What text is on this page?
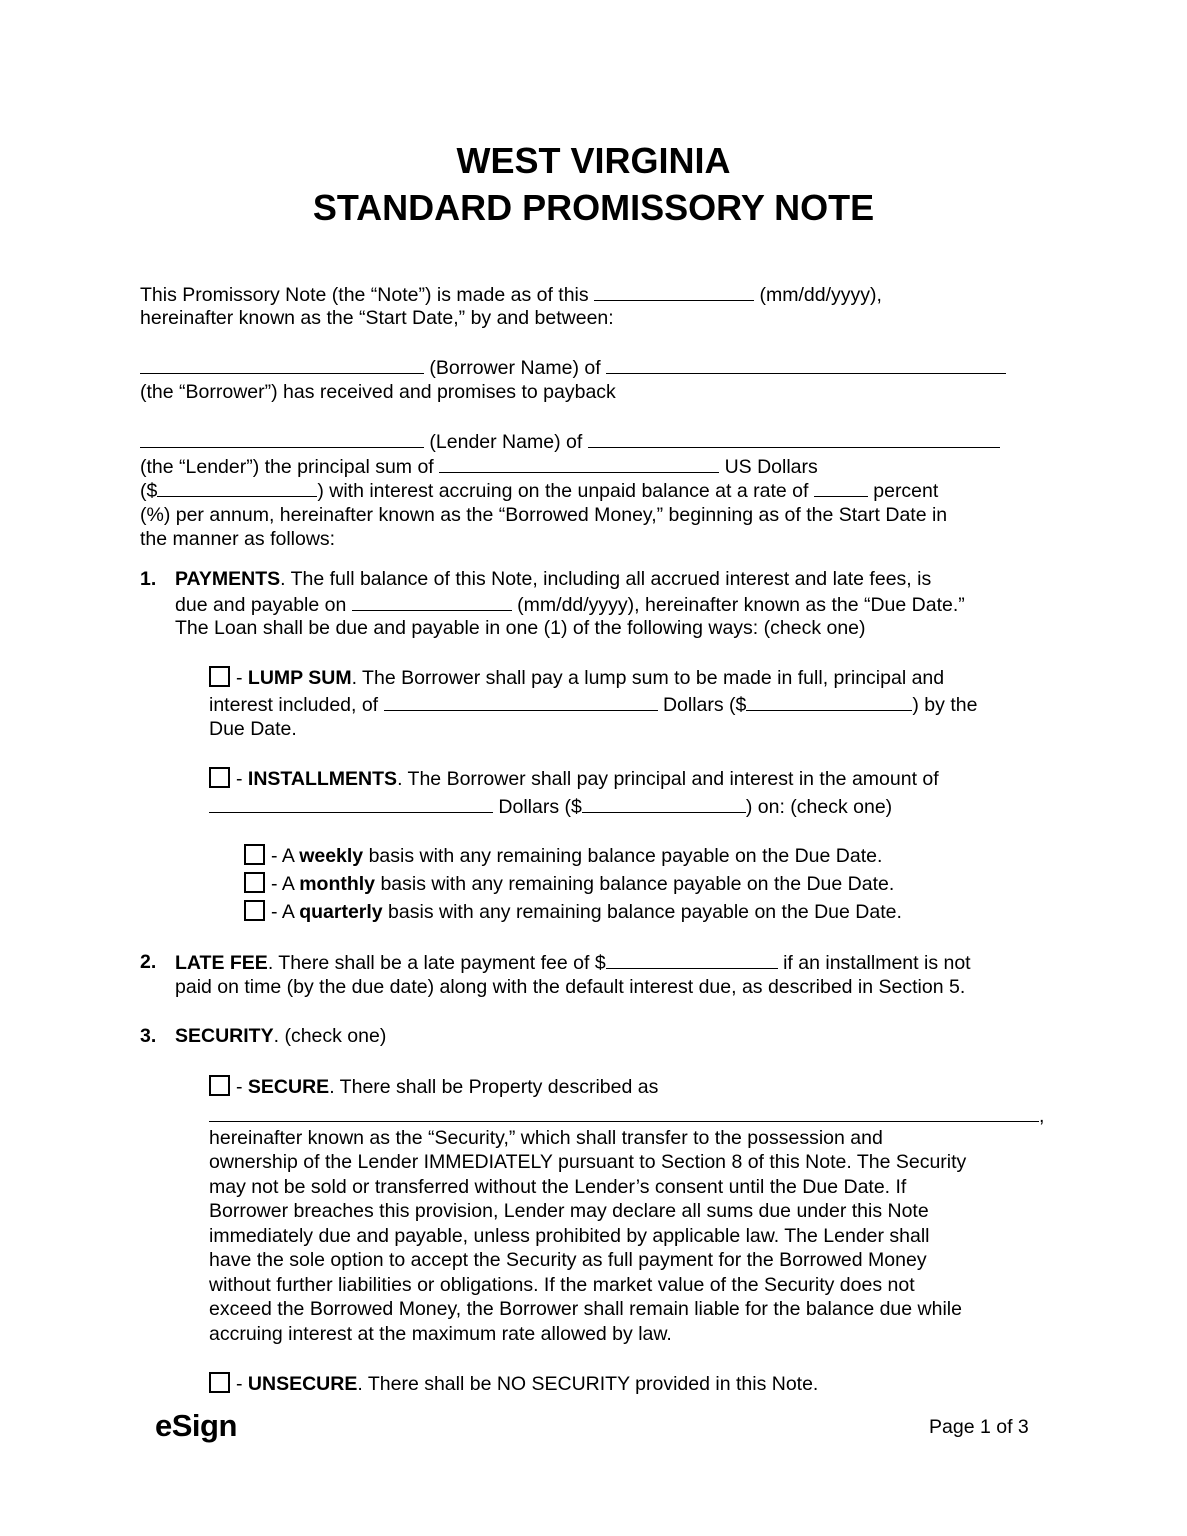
WEST VIRGINIA
STANDARD PROMISSORY NOTE
This Promissory Note (the “Note”) is made as of this	(mm/dd/yyyy),
hereinafter known as the “Start Date,” by and between:
(Borrower Name) of
(the “Borrower”) has received and promises to payback
(Lender Name) of
(the “Lender”) the principal sum of	US Dollars
($	) with interest accruing on the unpaid balance at a rate of	percent
(%) per annum, hereinafter known as the “Borrowed Money,” beginning as of the Start Date in
the manner as follows:
1. PAYMENTS. The full balance of this Note, including all accrued interest and late fees, is
due and payable on	(mm/dd/yyyy), hereinafter known as the “Due Date.”
The Loan shall be due and payable in one (1) of the following ways: (check one)
- LUMP SUM. The Borrower shall pay a lump sum to be made in full, principal and
interest included, of	Dollars ($	) by the
Due Date.
- INSTALLMENTS. The Borrower shall pay principal and interest in the amount of
Dollars ($	) on: (check one)
- A weekly basis with any remaining balance payable on the Due Date.
- A monthly basis with any remaining balance payable on the Due Date.
- A quarterly basis with any remaining balance payable on the Due Date.
2. LATE FEE. There shall be a late payment fee of $	if an installment is not
paid on time (by the due date) along with the default interest due, as described in Section 5.
3. SECURITY. (check one)
- SECURE. There shall be Property described as
,
hereinafter known as the “Security,” which shall transfer to the possession and
ownership of the Lender IMMEDIATELY pursuant to Section 8 of this Note. The Security
may not be sold or transferred without the Lender’s consent until the Due Date. If
Borrower breaches this provision, Lender may declare all sums due under this Note
immediately due and payable, unless prohibited by applicable law. The Lender shall
have the sole option to accept the Security as full payment for the Borrowed Money
without further liabilities or obligations. If the market value of the Security does not
exceed the Borrowed Money, the Borrower shall remain liable for the balance due while
accruing interest at the maximum rate allowed by law.
- UNSECURE. There shall be NO SECURITY provided in this Note.
eSign	Page 1 of 3
